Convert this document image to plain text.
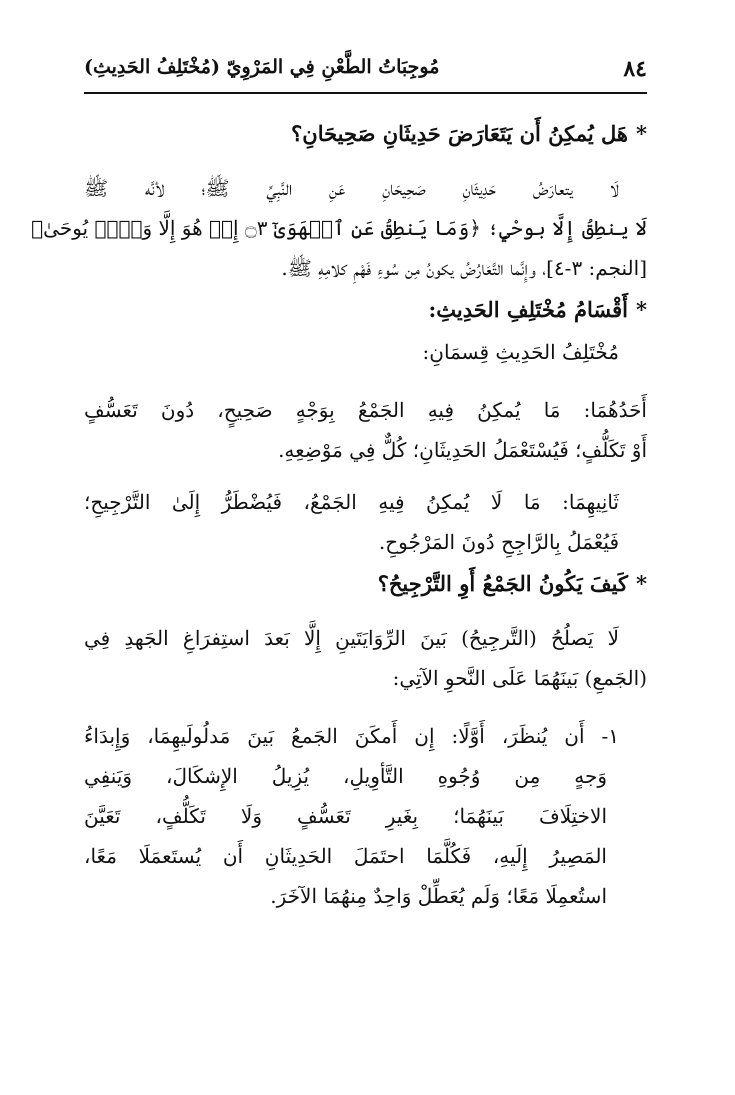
٨٤
مُوجِبَاتُ الطَّعْنِ فِي المَرْوِيّ (مُخْتَلِفُ الحَدِيثِ)
*هَل يُمكِنُ أَن يَتَعَارَضَ حَدِيثَانِ صَحِيحَانِ؟
لَا يتعارَضُ حَدِيثَانِ صَحِيحَانِ عَنِ النَّبِيِّ ﷺ؛ لأنَّه ﷺ
لَا ينطِقُ إِلَّا بوحْيٍ؛ ﴿وَمَا يَنطِقُ عَنِ ٱلۡهَوَىٰٓ ۝٣ إِنۡ هُوَ إِلَّا وَحۡيٞ يُوحَىٰ﴾
[النجم: ٣-٤]، وإِنَّما التَّعَارُضُ يكونُ مِن سُوءِ فَهْمِ كلامِهِ ﷺ.
*أَقْسَامُ مُخْتَلِفِ الحَدِيثِ:
مُخْتَلِفُ الحَدِيثِ قِسمَانِ:
أَحَدُهُمَا: مَا يُمكِنُ فِيهِ الجَمْعُ بِوَجْهٍ صَحِيحٍ، دُونَ تَعَسُّفٍ
أَوْ تَكَلُّفٍ؛ فَيُسْتَعْمَلُ الحَدِيثَانِ؛ كُلٌّ فِي مَوْضِعِهِ.
ثَانِيهِمَا: مَا لَا يُمكِنُ فِيهِ الجَمْعُ، فَيُضْطَرُّ إِلَىٰ التَّرْجِيحِ؛
فَيُعْمَلُ بِالرَّاجِحِ دُونَ المَرْجُوحِ.
*كَيفَ يَكُونُ الجَمْعُ أَوِ التَّرْجِيحُ؟
لَا يَصلُحُ (التَّرجِيحُ) بَينَ الرِّوَايَتَينِ إِلَّا بَعدَ استِفرَاغِ الجَهدِ فِي
(الجَمعِ) بَينَهُمَا عَلَى النَّحوِ الآتِي:
١- أَن يُنظَرَ، أَوَّلًا: إِن أَمكَنَ الجَمعُ بَينَ مَدلُولَيهِمَا، وَإِبدَاءُ
وَجهٍ مِن وُجُوهِ التَّأوِيلِ، يُزِيلُ الإِشكَالَ، وَيَنفِي
الاختِلَافَ بَينَهُمَا؛ بِغَيرِ تَعَسُّفٍ وَلَا تَكَلُّفٍ، تَعَيَّنَ
المَصِيرُ إِلَيهِ، فَكُلَّمَا احتَمَلَ الحَدِيثَانِ أَن يُستَعمَلَا مَعًا،
استُعمِلَا مَعًا؛ وَلَم يُعَطِّلْ وَاحِدٌ مِنهُمَا الآخَرَ.
